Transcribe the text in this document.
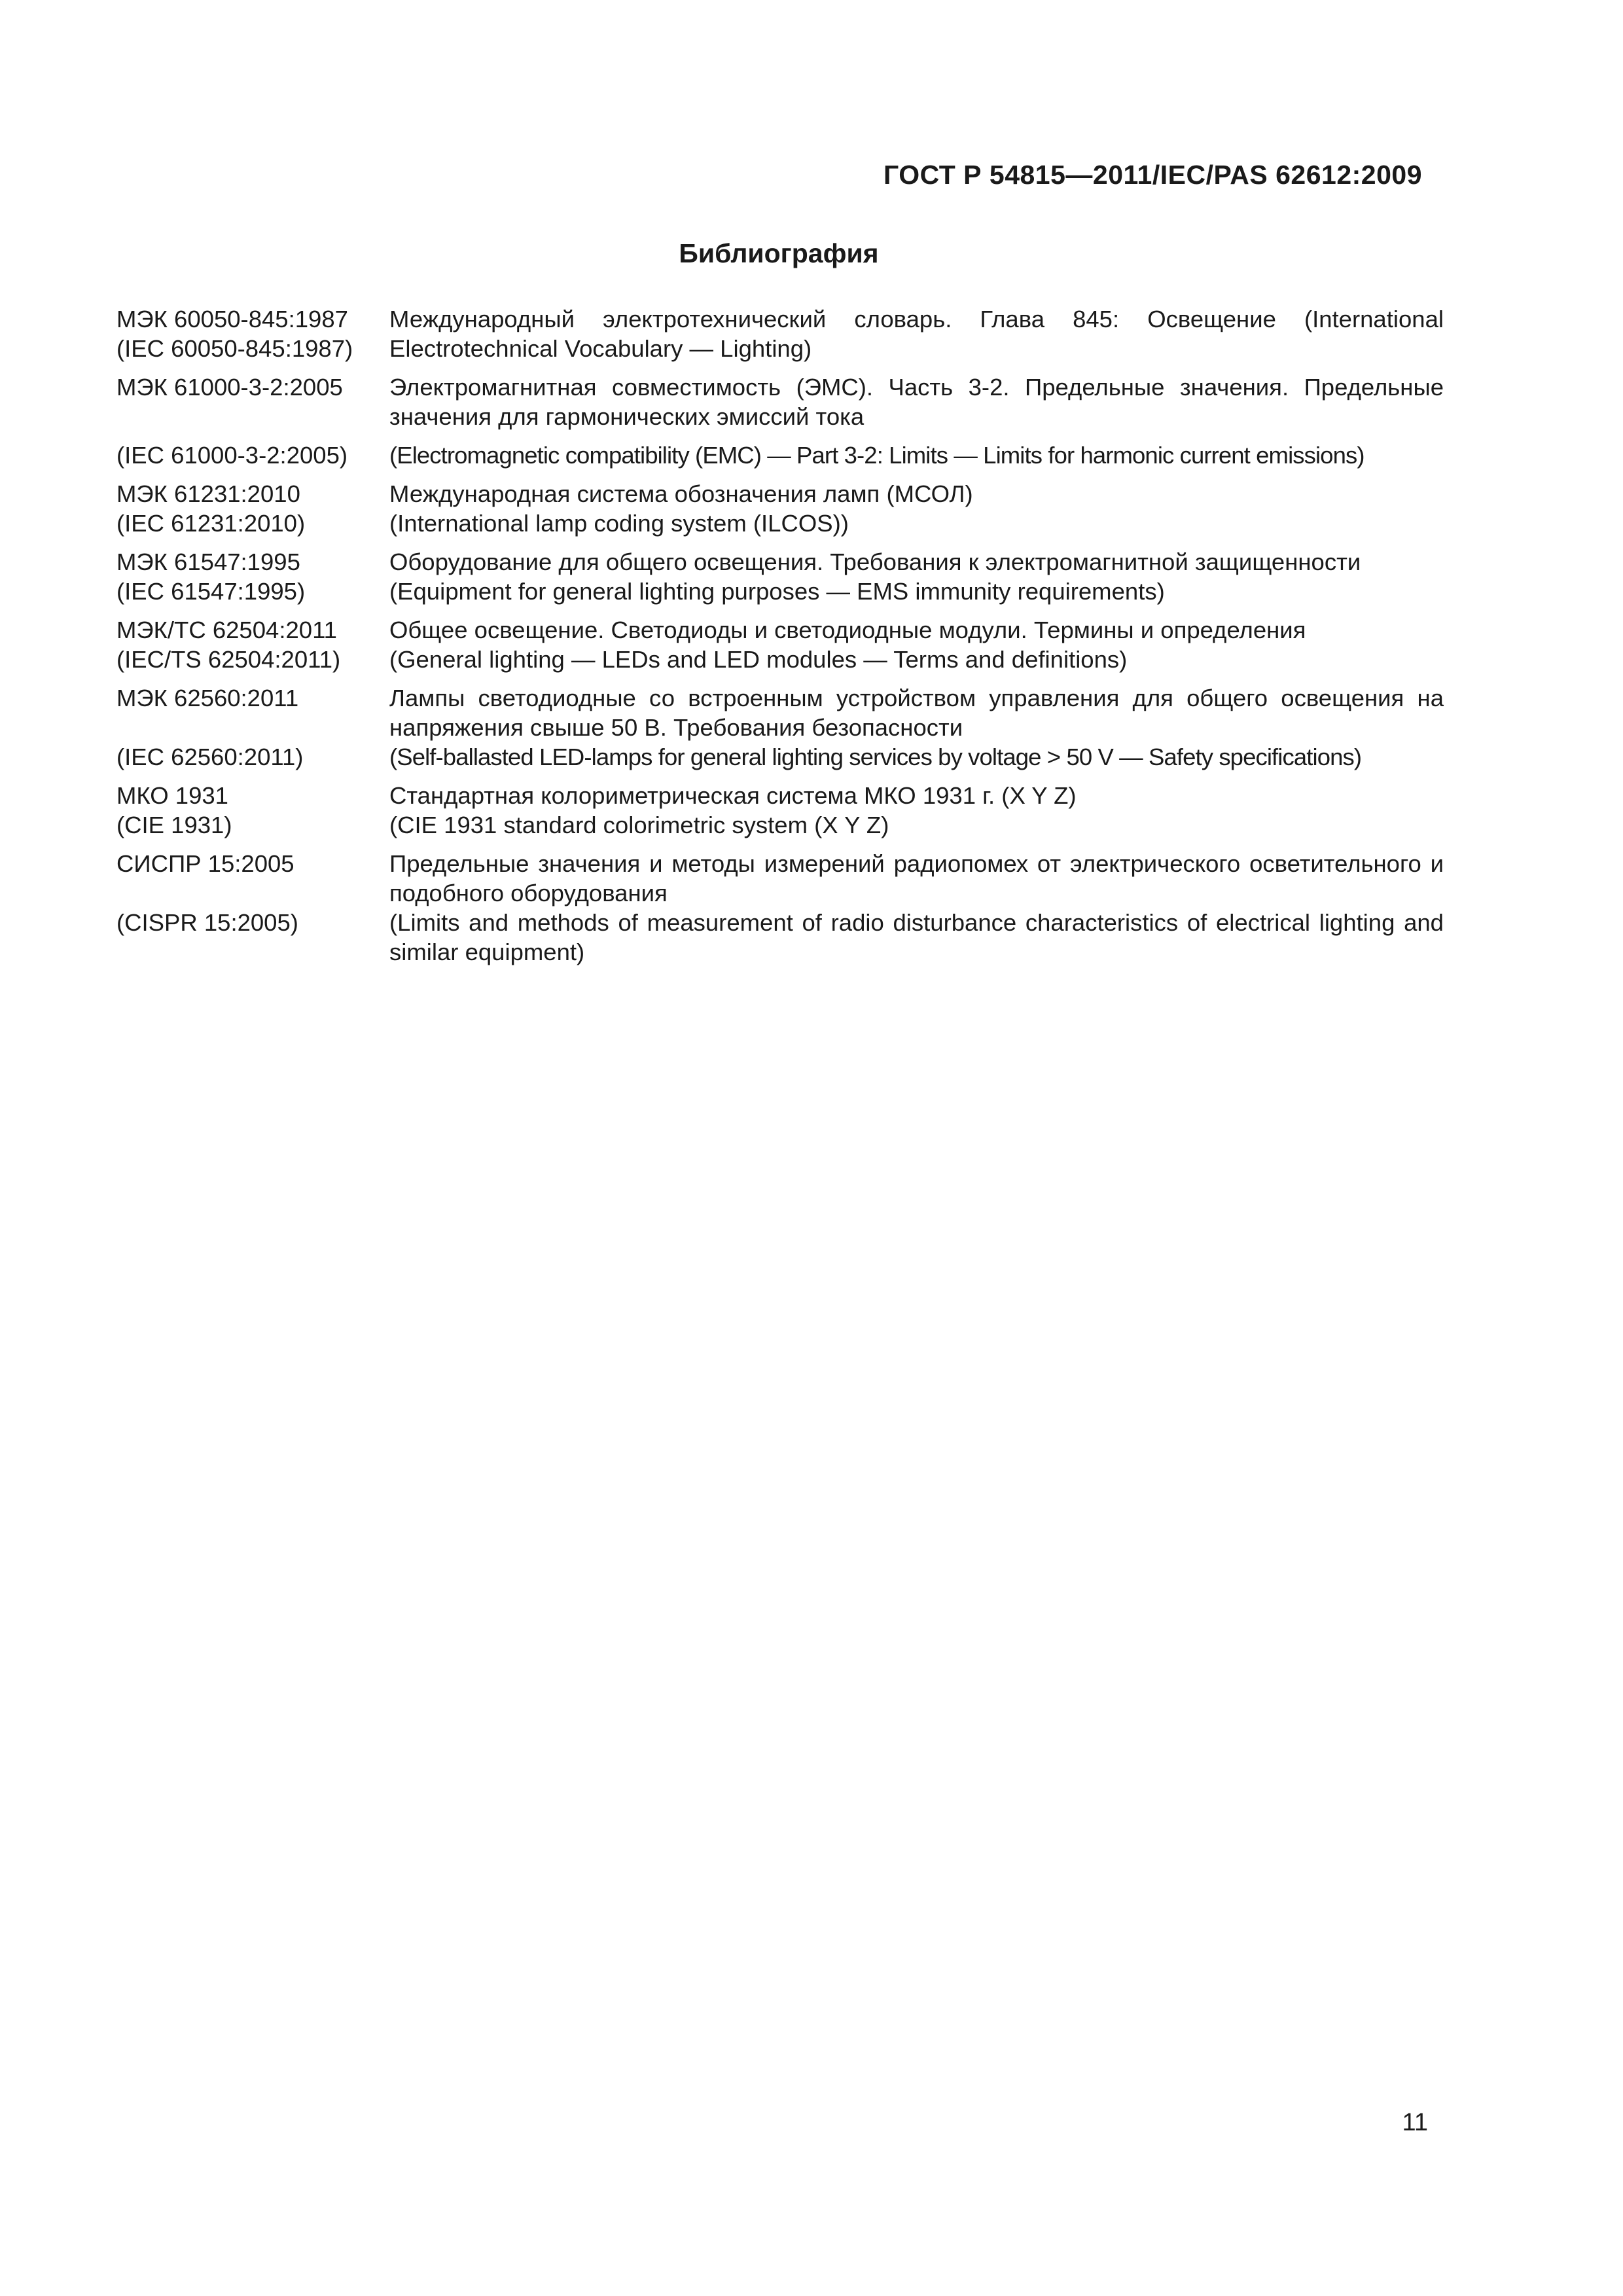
ГОСТ Р 54815—2011/IEC/PAS 62612:2009

Библиография
МЭК 60050-845:1987	Международный электротехнический словарь. Глава 845: Освещение (International
(IEC 60050-845:1987)	Electrotechnical Vocabulary — Lighting)
МЭК 61000-3-2:2005	Электромагнитная совместимость (ЭМС). Часть 3-2. Предельные значения. Предельные значения для гармонических эмиссий тока
(IEC 61000-3-2:2005)	(Electromagnetic compatibility (EMC) — Part 3-2: Limits — Limits for harmonic current emissions)
МЭК 61231:2010	Международная система обозначения ламп (МСОЛ)
(IEC 61231:2010)	(International lamp coding system (ILCOS))
МЭК 61547:1995	Оборудование для общего освещения. Требования к электромагнитной защищенности
(IEC 61547:1995)	(Equipment for general lighting purposes — EMS immunity requirements)
МЭК/ТС 62504:2011	Общее освещение. Светодиоды и светодиодные модули. Термины и определения
(IEC/TS 62504:2011)	(General lighting — LEDs and LED modules — Terms and definitions)
МЭК 62560:2011	Лампы светодиодные со встроенным устройством управления для общего освещения на напряжения свыше 50 В. Требования безопасности
(IEC 62560:2011)	(Self-ballasted LED-lamps for general lighting services by voltage > 50 V — Safety specifications)
МКО 1931	Стандартная колориметрическая система МКО 1931 г. (X Y Z)
(CIE 1931)	(CIE 1931 standard colorimetric system (X Y Z)
СИСПР 15:2005	Предельные значения и методы измерений радиопомех от электрического осветительного и подобного оборудования
(CISPR 15:2005)	(Limits and methods of measurement of radio disturbance characteristics of electrical lighting and similar equipment)
11
